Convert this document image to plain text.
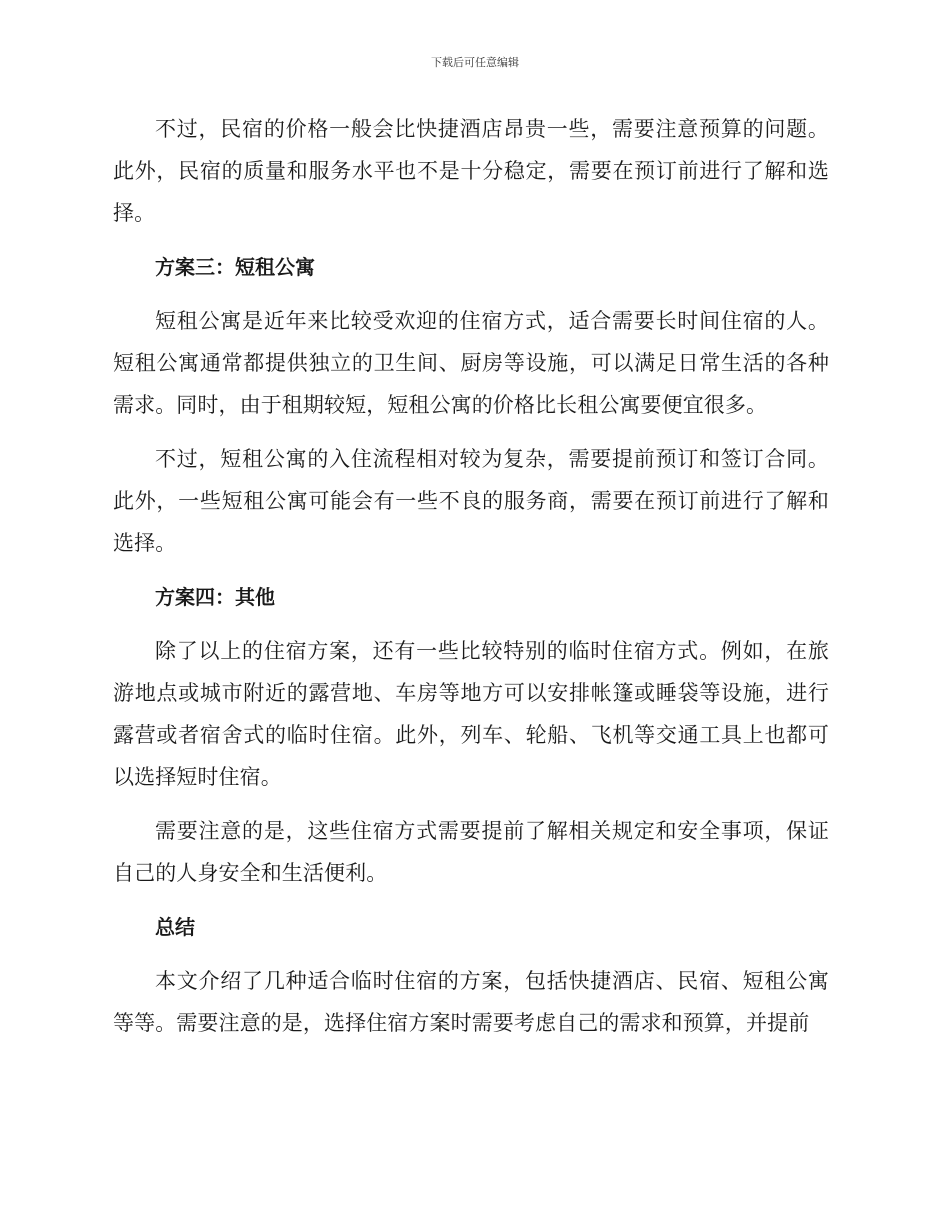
下载后可任意编辑

不过，民宿的价格一般会比快捷酒店昂贵一些，需要注意预算的问题。此外，民宿的质量和服务水平也不是十分稳定，需要在预订前进行了解和选择。

方案三：短租公寓

短租公寓是近年来比较受欢迎的住宿方式，适合需要长时间住宿的人。短租公寓通常都提供独立的卫生间、厨房等设施，可以满足日常生活的各种需求。同时，由于租期较短，短租公寓的价格比长租公寓要便宜很多。

不过，短租公寓的入住流程相对较为复杂，需要提前预订和签订合同。此外，一些短租公寓可能会有一些不良的服务商，需要在预订前进行了解和选择。

方案四：其他

除了以上的住宿方案，还有一些比较特别的临时住宿方式。例如，在旅游地点或城市附近的露营地、车房等地方可以安排帐篷或睡袋等设施，进行露营或者宿舍式的临时住宿。此外，列车、轮船、飞机等交通工具上也都可以选择短时住宿。

需要注意的是，这些住宿方式需要提前了解相关规定和安全事项，保证自己的人身安全和生活便利。

总结

本文介绍了几种适合临时住宿的方案，包括快捷酒店、民宿、短租公寓等等。需要注意的是，选择住宿方案时需要考虑自己的需求和预算，并提前
